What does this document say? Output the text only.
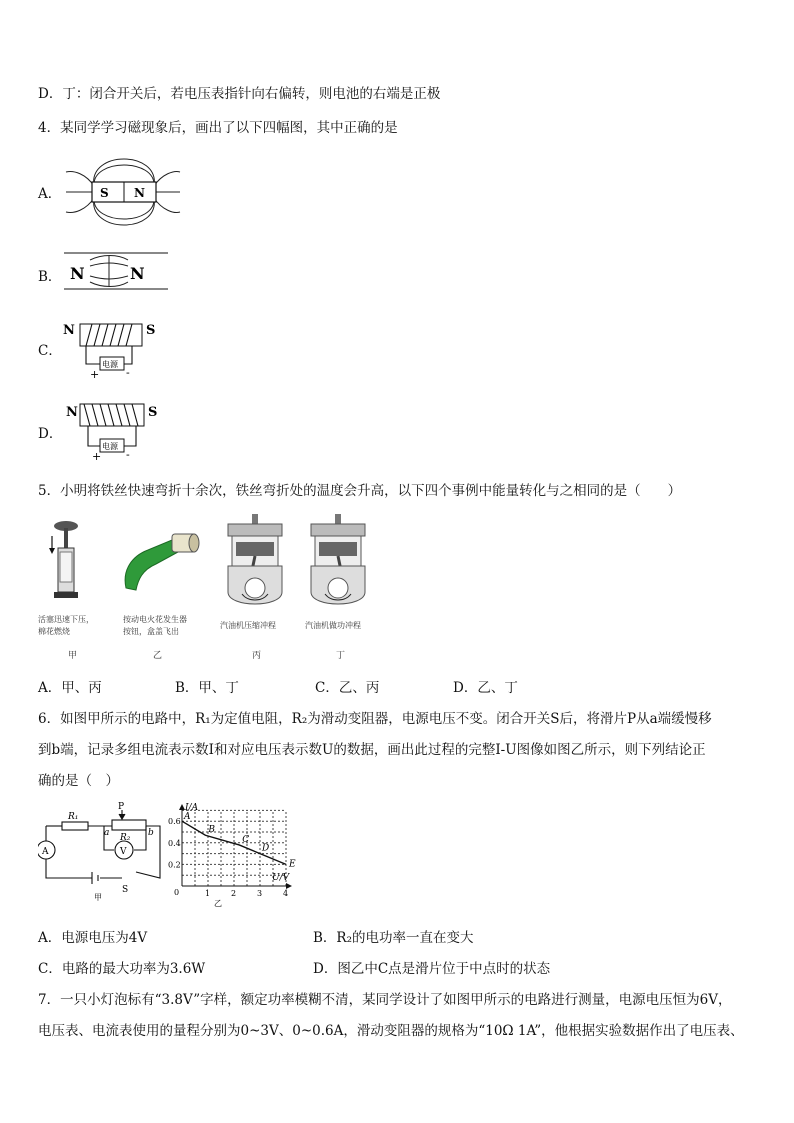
D．丁：闭合开关后，若电压表指针向右偏转，则电池的右端是正极
4．某同学学习磁现象后，画出了以下四幅图，其中正确的是
A．	S N
B． N	N
C．
N	S
+
电源
-
D．
N	S
+
电源
-
5．小明将铁丝快速弯折十余次，铁丝弯折处的温度会升高，以下四个事例中能量转化与之相同的是（　　）
活塞迅速下压，
棉花燃烧
甲
按动电火花发生器
按钮，盒盖飞出
乙
汽油机压缩冲程
丙
汽油机做功冲程
丁
A．甲、丙	B．甲、丁	C．乙、丙	D．乙、丁
6．如图甲所示的电路中，R₁为定值电阻，R₂为滑动变阻器，电源电压不变。闭合开关S后，将滑片P从a端缓慢移
到b端，记录多组电流表示数I和对应电压表示数U的数据，画出此过程的完整I-U图像如图乙所示，则下列结论正
确的是（　）
P
R₁
R₂
a	b
A	V
S
甲
I/A
U/V
0
0.6
0.4
0.2
1	2	3	4
A
B
C
D
E
乙
A．电源电压为4V	B．R₂的电功率一直在变大
C．电路的最大功率为3.6W	D．图乙中C点是滑片位于中点时的状态
7．一只小灯泡标有“3.8V”字样，额定功率模糊不清，某同学设计了如图甲所示的电路进行测量，电源电压恒为6V，
电压表、电流表使用的量程分别为0~3V、0~0.6A，滑动变阻器的规格为“10Ω 1A”，他根据实验数据作出了电压表、
